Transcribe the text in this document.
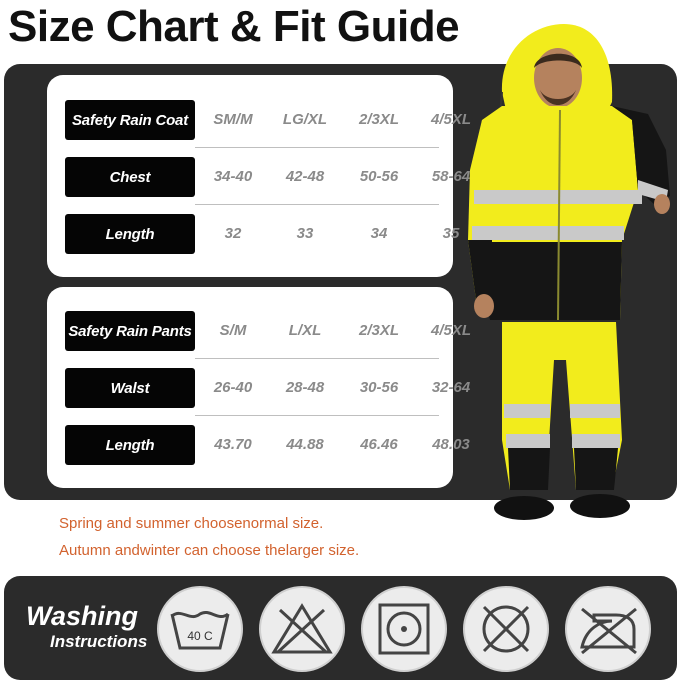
Size Chart & Fit Guide
Safety Rain Coat	SM/M	LG/XL	2/3XL	4/5XL
Chest	34-40	42-48	50-56	58-64
Length	32	33	34	35
Safety Rain Pants	S/M	L/XL	2/3XL	4/5XL
Walst	26-40	28-48	30-56	32-64
Length	43.70	44.88	46.46	48.03
Spring and summer choosenormal size.
Autumn andwinter can choose thelarger size.
Washing
Instructions	40 C
